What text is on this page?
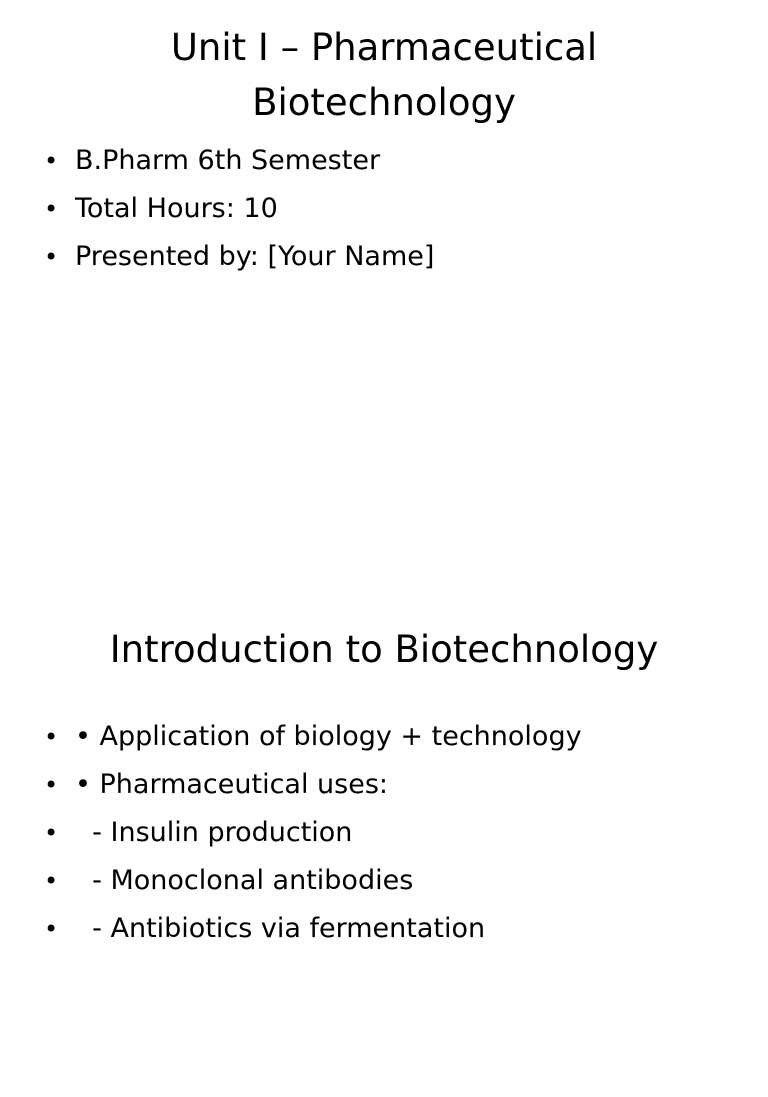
Unit I – Pharmaceutical
Biotechnology

•

B.Pharm 6th Semester

•

Total Hours: 10

•

Presented by: [Your Name]

Introduction to Biotechnology

•

• Application of biology + technology

•

• Pharmaceutical uses:

•

- Insulin production

•

- Monoclonal antibodies

•

- Antibiotics via fermentation
